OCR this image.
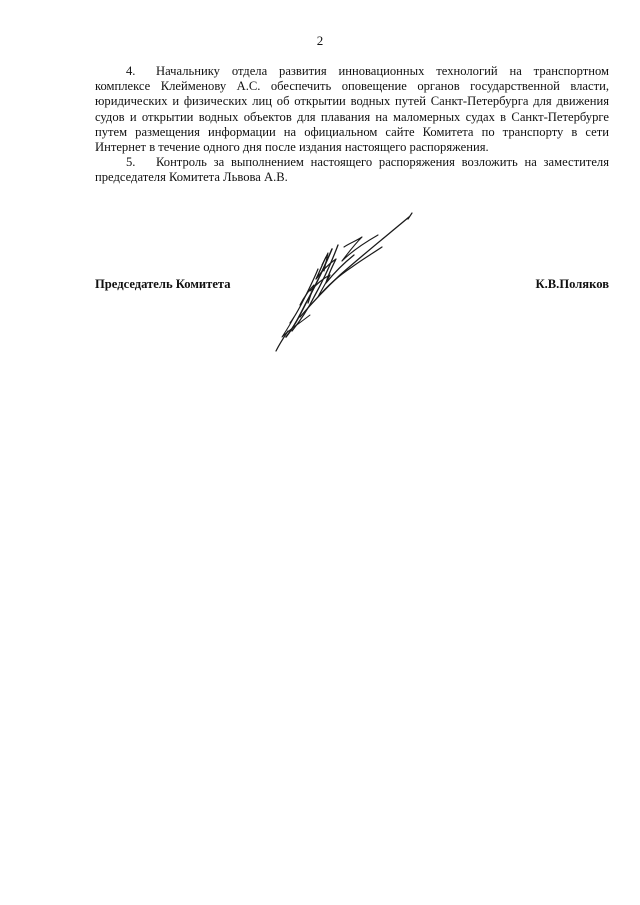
2

4. Начальнику отдела развития инновационных технологий на транспортном комплексе Клейменову А.С. обеспечить оповещение органов государственной власти, юридических и физических лиц об открытии водных путей Санкт-Петербурга для движения судов и открытии водных объектов для плавания на маломерных судах в Санкт-Петербурге путем размещения информации на официальном сайте Комитета по транспорту в сети Интернет в течение одного дня после издания настоящего распоряжения.

5. Контроль за выполнением настоящего распоряжения возложить на заместителя председателя Комитета Львова А.В.

Председатель Комитета	К.В.Поляков
